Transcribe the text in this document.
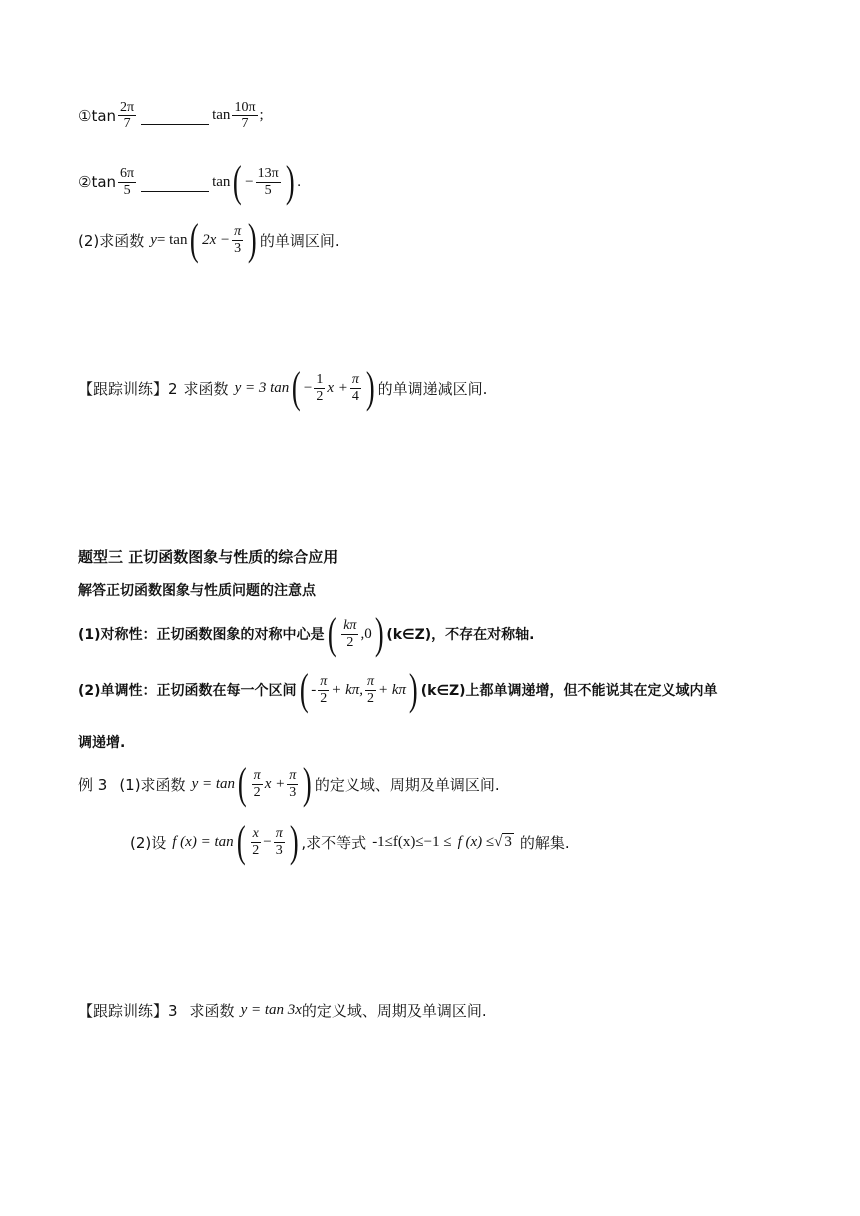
①tan $\frac{2\pi}{7}$	$\tan \frac{10\pi}{7}$ ;
②tan $\frac{6\pi}{5}$	tan ( − $\frac{13\pi}{5}$ ) .
(2)求函数 y = tan ( $2x - \frac{\pi}{3}$ ) 的单调区间.
【跟踪训练】2 求函数 y = 3 tan ( − $\frac{1}{2}$ $x + \frac{\pi}{4}$ ) 的单调递减区间.
题型三 正切函数图象与性质的综合应用
解答正切函数图象与性质问题的注意点
(1)对称性：正切函数图象的对称中心是 ( $\frac{k\pi}{2} ,0$ ) (k∈Z)，不存在对称轴.
(2)单调性：正切函数在每一个区间 ( - $\frac{\pi}{2} + k\pi$, $\frac{\pi}{2} + k\pi$ ) (k∈Z)上都单调递增，但不能说其在定义域内单
调递增.
例 3 (1)求函数 y = tan ( $\frac{\pi}{2}$ $x + \frac{\pi}{3}$ ) 的定义域、周期及单调区间.
(2)设 f (x) = tan ( $\frac{x}{2} - \frac{\pi}{3}$ ) ,求不等式 -1≤f(x)≤−1 ≤ f (x) ≤ √ 3 的解集.
【跟踪训练】3 求函数 y = tan 3x 的定义域、周期及单调区间.
